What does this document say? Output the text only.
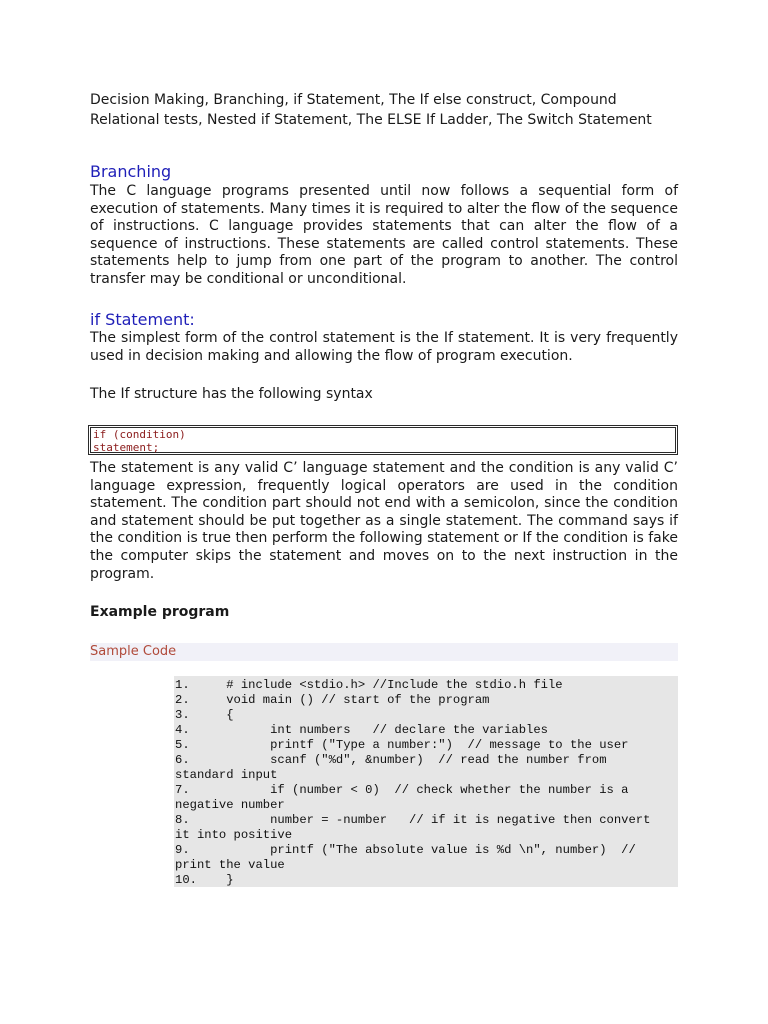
Decision Making, Branching, if Statement, The If else construct, Compound Relational tests, Nested if Statement, The ELSE If Ladder, The Switch Statement

Branching

The C language programs presented until now follows a sequential form of execution of statements. Many times it is required to alter the flow of the sequence of instructions. C language provides statements that can alter the flow of a sequence of instructions. These statements are called control statements. These statements help to jump from one part of the program to another. The control transfer may be conditional or unconditional.

if Statement:

The simplest form of the control statement is the If statement. It is very frequently used in decision making and allowing the flow of program execution.

The If structure has the following syntax

if (condition)
statement;

The statement is any valid C’ language statement and the condition is any valid C’ language expression, frequently logical operators are used in the condition statement. The condition part should not end with a semicolon, since the condition and statement should be put together as a single statement. The command says if the condition is true then perform the following statement or If the condition is fake the computer skips the statement and moves on to the next instruction in the program.

Example program

Sample Code
1.     # include <stdio.h> //Include the stdio.h file
2.     void main () // start of the program
3.     {
4.           int numbers   // declare the variables
5.           printf ("Type a number:")  // message to the user
6.           scanf ("%d", &number)  // read the number from
standard input
7.           if (number < 0)  // check whether the number is a
negative number
8.           number = -number   // if it is negative then convert
it into positive
9.           printf ("The absolute value is %d \n", number)  //
print the value
10.    }
